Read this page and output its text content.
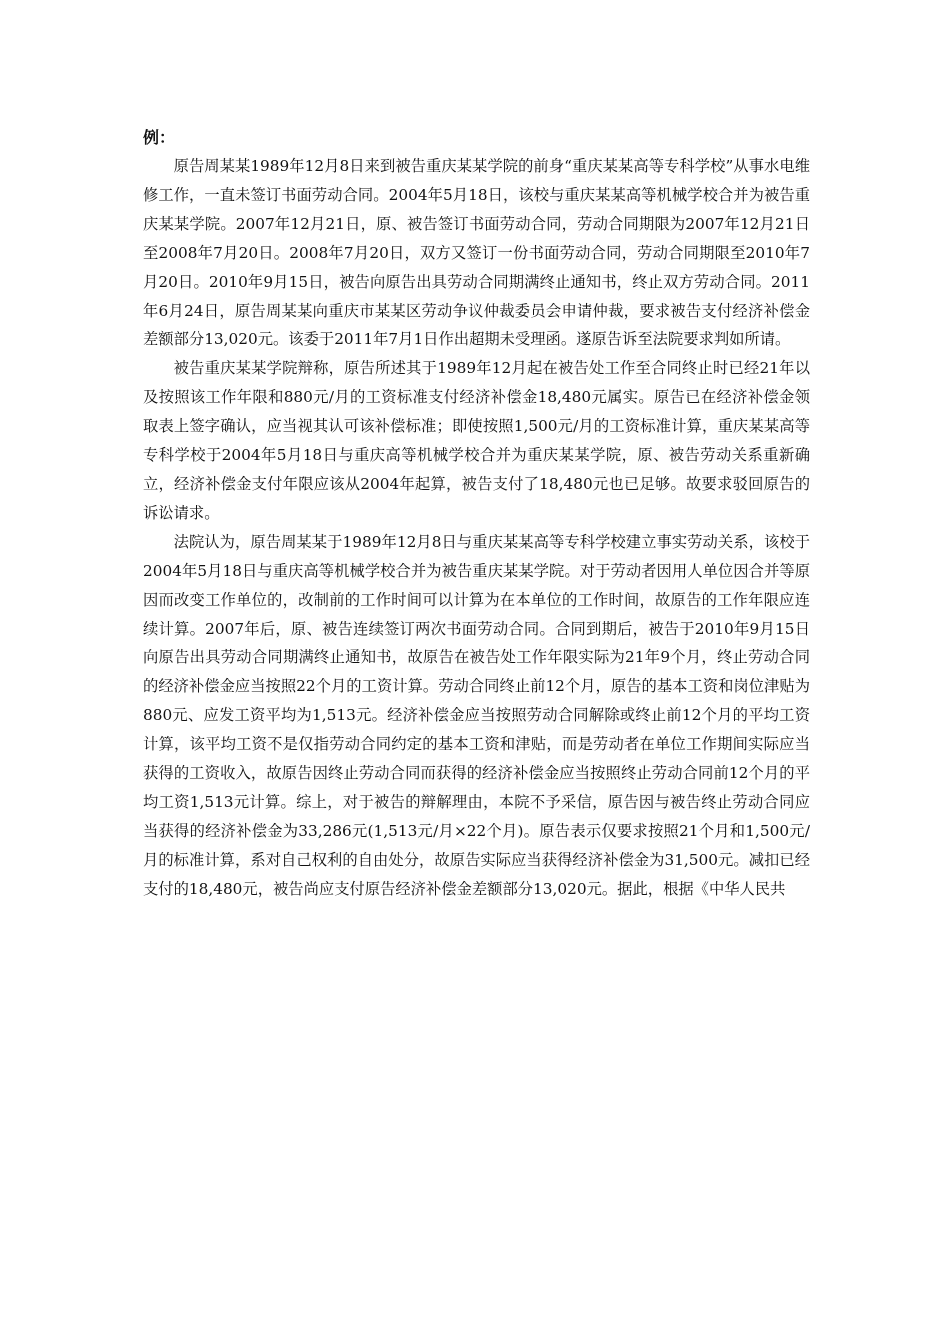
例：

原告周某某1989年12月8日来到被告重庆某某学院的前身“重庆某某高等专科学校”从事水电维修工作，一直未签订书面劳动合同。2004年5月18日，该校与重庆某某高等机械学校合并为被告重庆某某学院。2007年12月21日，原、被告签订书面劳动合同，劳动合同期限为2007年12月21日至2008年7月20日。2008年7月20日，双方又签订一份书面劳动合同，劳动合同期限至2010年7月20日。2010年9月15日，被告向原告出具劳动合同期满终止通知书，终止双方劳动合同。2011年6月24日，原告周某某向重庆市某某区劳动争议仲裁委员会申请仲裁，要求被告支付经济补偿金差额部分13,020元。该委于2011年7月1日作出超期未受理函。遂原告诉至法院要求判如所请。

被告重庆某某学院辩称，原告所述其于1989年12月起在被告处工作至合同终止时已经21年以及按照该工作年限和880元/月的工资标准支付经济补偿金18,480元属实。原告已在经济补偿金领取表上签字确认，应当视其认可该补偿标准；即使按照1,500元/月的工资标准计算，重庆某某高等专科学校于2004年5月18日与重庆高等机械学校合并为重庆某某学院，原、被告劳动关系重新确立，经济补偿金支付年限应该从2004年起算，被告支付了18,480元也已足够。故要求驳回原告的诉讼请求。

法院认为，原告周某某于1989年12月8日与重庆某某高等专科学校建立事实劳动关系，该校于2004年5月18日与重庆高等机械学校合并为被告重庆某某学院。对于劳动者因用人单位因合并等原因而改变工作单位的，改制前的工作时间可以计算为在本单位的工作时间，故原告的工作年限应连续计算。2007年后，原、被告连续签订两次书面劳动合同。合同到期后，被告于2010年9月15日向原告出具劳动合同期满终止通知书，故原告在被告处工作年限实际为21年9个月，终止劳动合同的经济补偿金应当按照22个月的工资计算。劳动合同终止前12个月，原告的基本工资和岗位津贴为880元、应发工资平均为1,513元。经济补偿金应当按照劳动合同解除或终止前12个月的平均工资计算，该平均工资不是仅指劳动合同约定的基本工资和津贴，而是劳动者在单位工作期间实际应当获得的工资收入，故原告因终止劳动合同而获得的经济补偿金应当按照终止劳动合同前12个月的平均工资1,513元计算。综上，对于被告的辩解理由，本院不予采信，原告因与被告终止劳动合同应当获得的经济补偿金为33,286元(1,513元/月×22个月)。原告表示仅要求按照21个月和1,500元/月的标准计算，系对自己权利的自由处分，故原告实际应当获得经济补偿金为31,500元。减扣已经支付的18,480元，被告尚应支付原告经济补偿金差额部分13,020元。据此，根据《中华人民共
